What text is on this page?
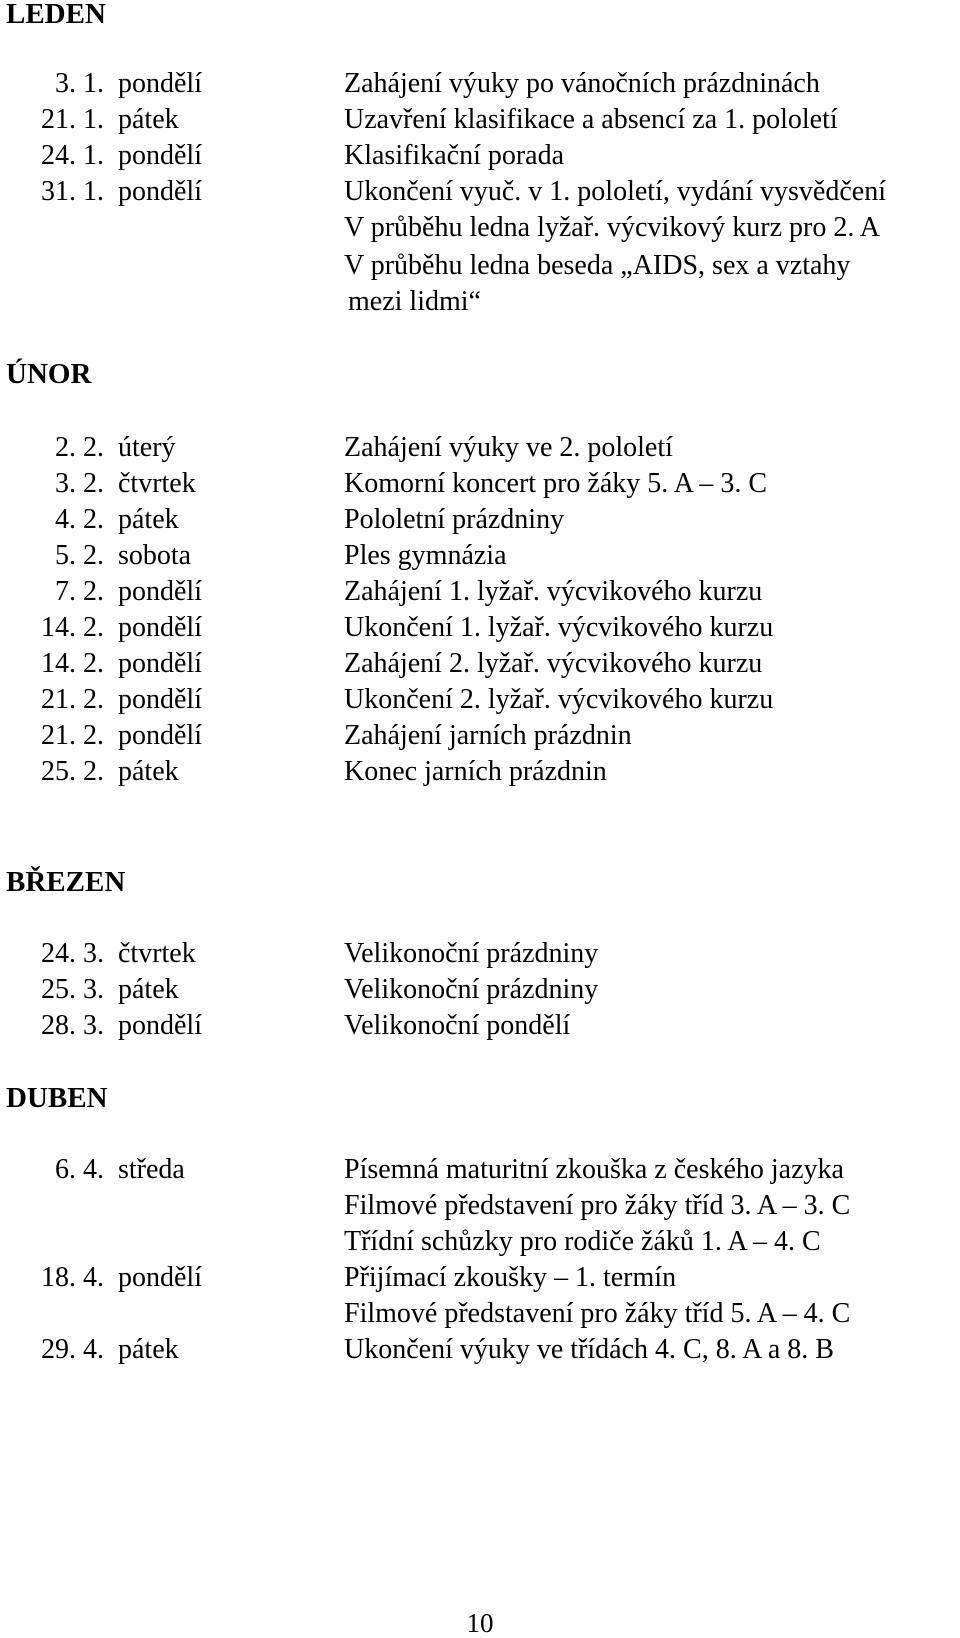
LEDEN
3. 1. pondělí	Zahájení výuky po vánočních prázdninách
21. 1. pátek	Uzavření klasifikace a absencí za 1. pololetí
24. 1. pondělí	Klasifikační porada
31. 1. pondělí	Ukončení vyuč. v 1. pololetí, vydání vysvědčení
V průběhu ledna lyžař. výcvikový kurz pro 2. A
V průběhu ledna beseda „AIDS, sex a vztahy
mezi lidmi“
ÚNOR
2. 2. úterý	Zahájení výuky ve 2. pololetí
3. 2. čtvrtek	Komorní koncert pro žáky 5. A – 3. C
4. 2. pátek	Pololetní prázdniny
5. 2. sobota	Ples gymnázia
7. 2. pondělí	Zahájení 1. lyžař. výcvikového kurzu
14. 2. pondělí	Ukončení 1. lyžař. výcvikového kurzu
14. 2. pondělí	Zahájení 2. lyžař. výcvikového kurzu
21. 2. pondělí	Ukončení 2. lyžař. výcvikového kurzu
21. 2. pondělí	Zahájení jarních prázdnin
25. 2. pátek	Konec jarních prázdnin
BŘEZEN
24. 3. čtvrtek	Velikonoční prázdniny
25. 3. pátek	Velikonoční prázdniny
28. 3. pondělí	Velikonoční pondělí
DUBEN
6. 4. středa	Písemná maturitní zkouška z českého jazyka
Filmové představení pro žáky tříd 3. A – 3. C
Třídní schůzky pro rodiče žáků 1. A – 4. C
18. 4. pondělí	Přijímací zkoušky – 1. termín
Filmové představení pro žáky tříd 5. A – 4. C
29. 4. pátek	Ukončení výuky ve třídách 4. C, 8. A a 8. B
10
